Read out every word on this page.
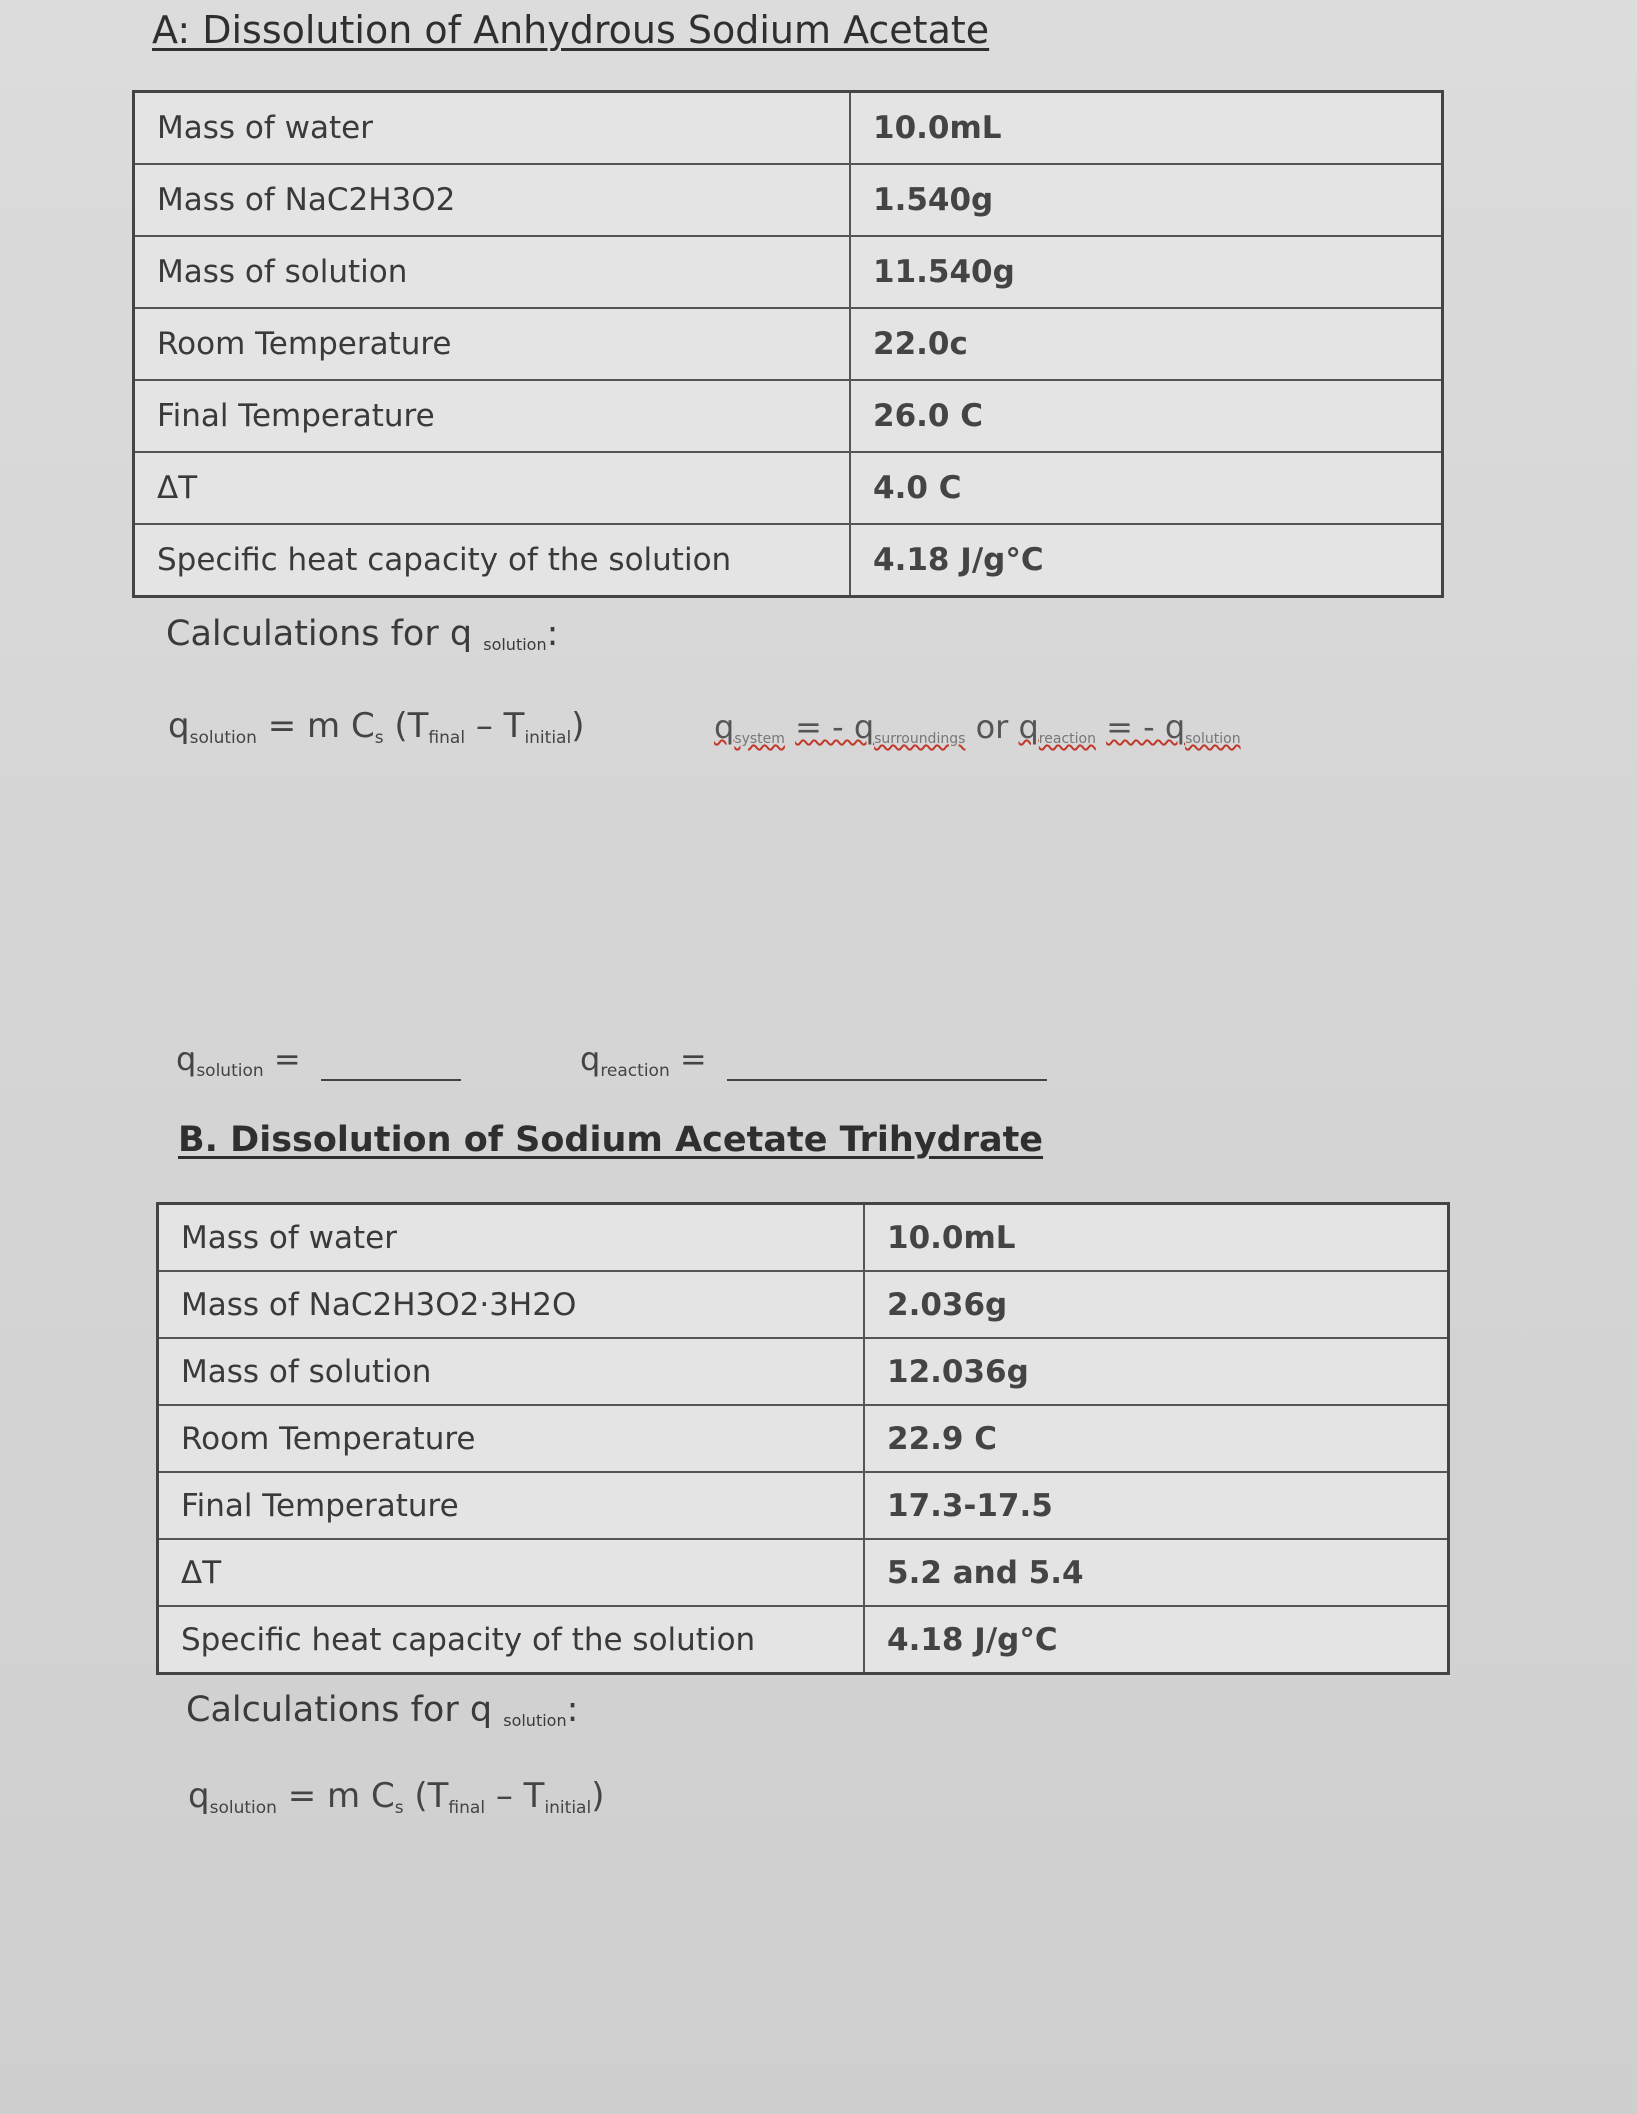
A: Dissolution of Anhydrous Sodium Acetate
Mass of water	10.0mL
Mass of NaC2H3O2	1.540g
Mass of solution	11.540g
Room Temperature	22.0c
Final Temperature	26.0 C
ΔT	4.0 C
Specific heat capacity of the solution	4.18 J/g°C
Calculations for q $_{solution}$:
$q_{solution} = m$ $C_s$ $(T_{final} - T_{initial})$	$q_{system}$ = - $q_{surroundings}$ or $q_{reaction}$ = - $q_{solution}$
$q_{solution}$ =	$q_{reaction}$ =
B. Dissolution of Sodium Acetate Trihydrate
Mass of water	10.0mL
Mass of NaC2H3O2·3H2O	2.036g
Mass of solution	12.036g
Room Temperature	22.9 C
Final Temperature	17.3-17.5
ΔT	5.2 and 5.4
Specific heat capacity of the solution	4.18 J/g°C
Calculations for q $_{solution}$:
$q_{solution} = m$ $C_s$ $(T_{final} - T_{initial})$
